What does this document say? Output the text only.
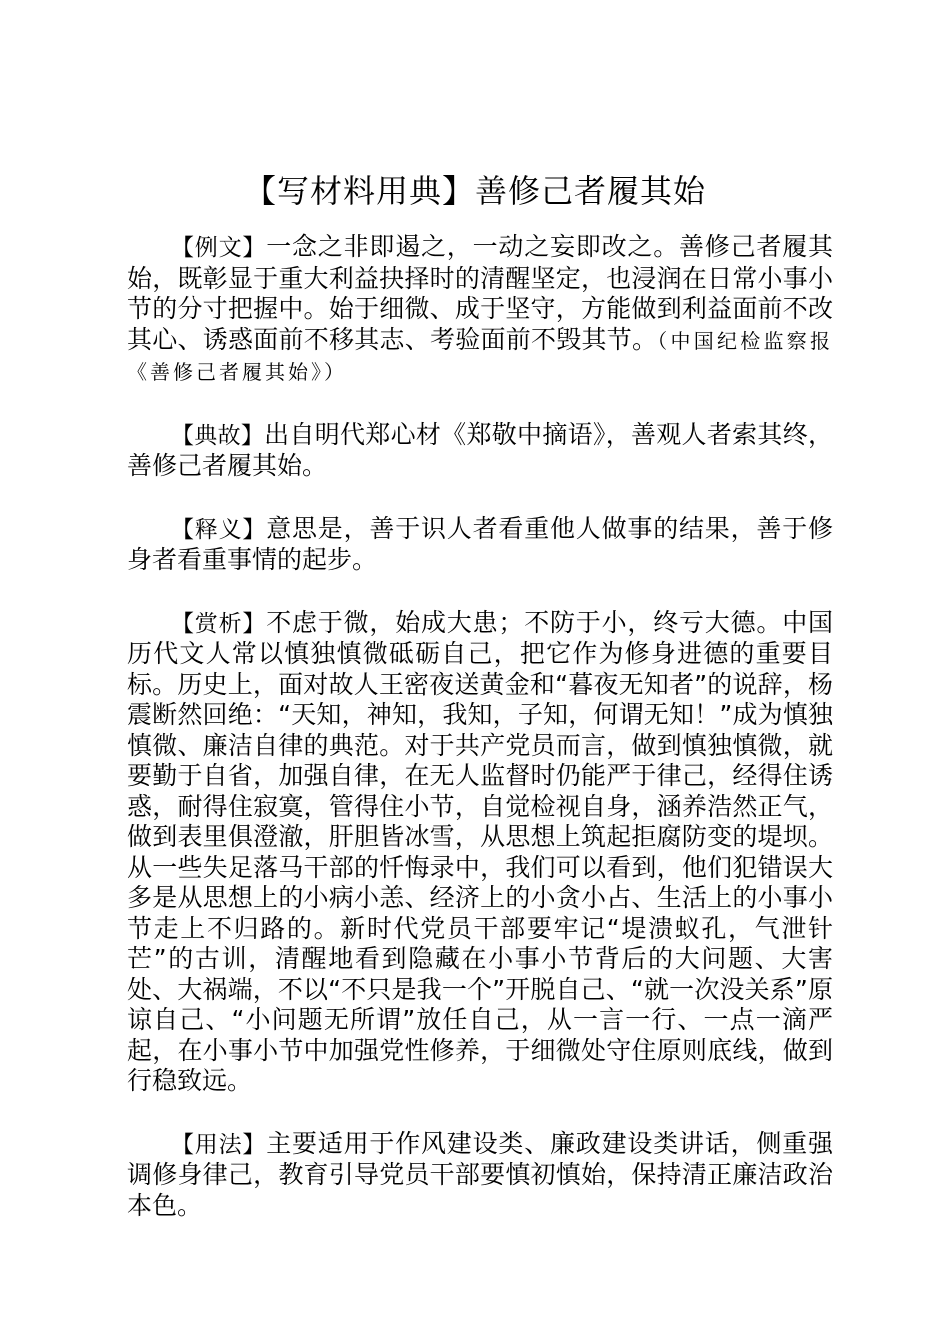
【写材料用典】善修己者履其始

【例文】一念之非即遏之，一动之妄即改之。善修己者履其始，既彰显于重大利益抉择时的清醒坚定，也浸润在日常小事小节的分寸把握中。始于细微、成于坚守，方能做到利益面前不改其心、诱惑面前不移其志、考验面前不毁其节。（中国纪检监察报《善修己者履其始》）

【典故】出自明代郑心材《郑敬中摘语》，善观人者索其终，善修己者履其始。

【释义】意思是，善于识人者看重他人做事的结果，善于修身者看重事情的起步。

【赏析】不虑于微，始成大患；不防于小，终亏大德。中国历代文人常以慎独慎微砥砺自己，把它作为修身进德的重要目标。历史上，面对故人王密夜送黄金和“暮夜无知者”的说辞，杨震断然回绝：“天知，神知，我知，子知，何谓无知！”成为慎独慎微、廉洁自律的典范。对于共产党员而言，做到慎独慎微，就要勤于自省，加强自律，在无人监督时仍能严于律己，经得住诱惑，耐得住寂寞，管得住小节，自觉检视自身，涵养浩然正气，做到表里俱澄澈，肝胆皆冰雪，从思想上筑起拒腐防变的堤坝。从一些失足落马干部的忏悔录中，我们可以看到，他们犯错误大多是从思想上的小病小恙、经济上的小贪小占、生活上的小事小节走上不归路的。新时代党员干部要牢记“堤溃蚁孔，气泄针芒”的古训，清醒地看到隐藏在小事小节背后的大问题、大害处、大祸端，不以“不只是我一个”开脱自己、“就一次没关系”原谅自己、“小问题无所谓”放任自己，从一言一行、一点一滴严起，在小事小节中加强党性修养，于细微处守住原则底线，做到行稳致远。

【用法】主要适用于作风建设类、廉政建设类讲话，侧重强调修身律己，教育引导党员干部要慎初慎始，保持清正廉洁政治本色。
